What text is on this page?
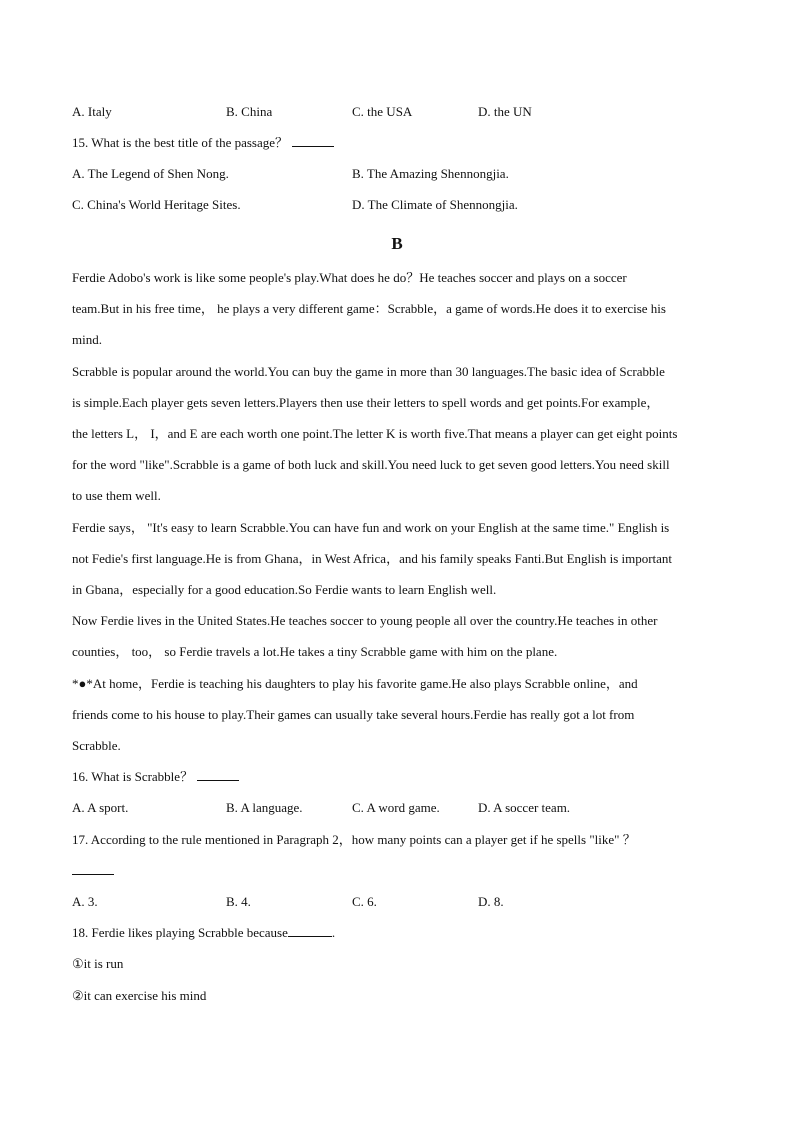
A. Italy	B. China	C. the USA	D. the UN
15. What is the best title of the passage？
A. The Legend of Shen Nong.	B. The Amazing Shennongjia.
C. China's World Heritage Sites.	D. The Climate of Shennongjia.
B
Ferdie Adobo's work is like some people's play.What does he do？He teaches soccer and plays on a soccer
team.But in his free time， he plays a very different game：Scrabble，a game of words.He does it to exercise his
mind.
Scrabble is popular around the world.You can buy the game in more than 30 languages.The basic idea of Scrabble
is simple.Each player gets seven letters.Players then use their letters to spell words and get points.For example，
the letters L， I，and E are each worth one point.The letter K is worth five.That means a player can get eight points
for the word "like".Scrabble is a game of both luck and skill.You need luck to get seven good letters.You need skill
to use them well.
Ferdie says， "It's easy to learn Scrabble.You can have fun and work on your English at the same time." English is
not Fedie's first language.He is from Ghana，in West Africa，and his family speaks Fanti.But English is important
in Gbana，especially for a good education.So Ferdie wants to learn English well.
Now Ferdie lives in the United States.He teaches soccer to young people all over the country.He teaches in other
counties， too， so Ferdie travels a lot.He takes a tiny Scrabble game with him on the plane.
*●*At home，Ferdie is teaching his daughters to play his favorite game.He also plays Scrabble online，and
friends come to his house to play.Their games can usually take several hours.Ferdie has really got a lot from
Scrabble.
16. What is Scrabble？
A. A sport.	B. A language.	C. A word game.	D. A soccer team.
17. According to the rule mentioned in Paragraph 2，how many points can a player get if he spells "like" ？
A. 3.	B. 4.	C. 6.	D. 8.
18. Ferdie likes playing Scrabble because	.
①it is run
②it can exercise his mind
